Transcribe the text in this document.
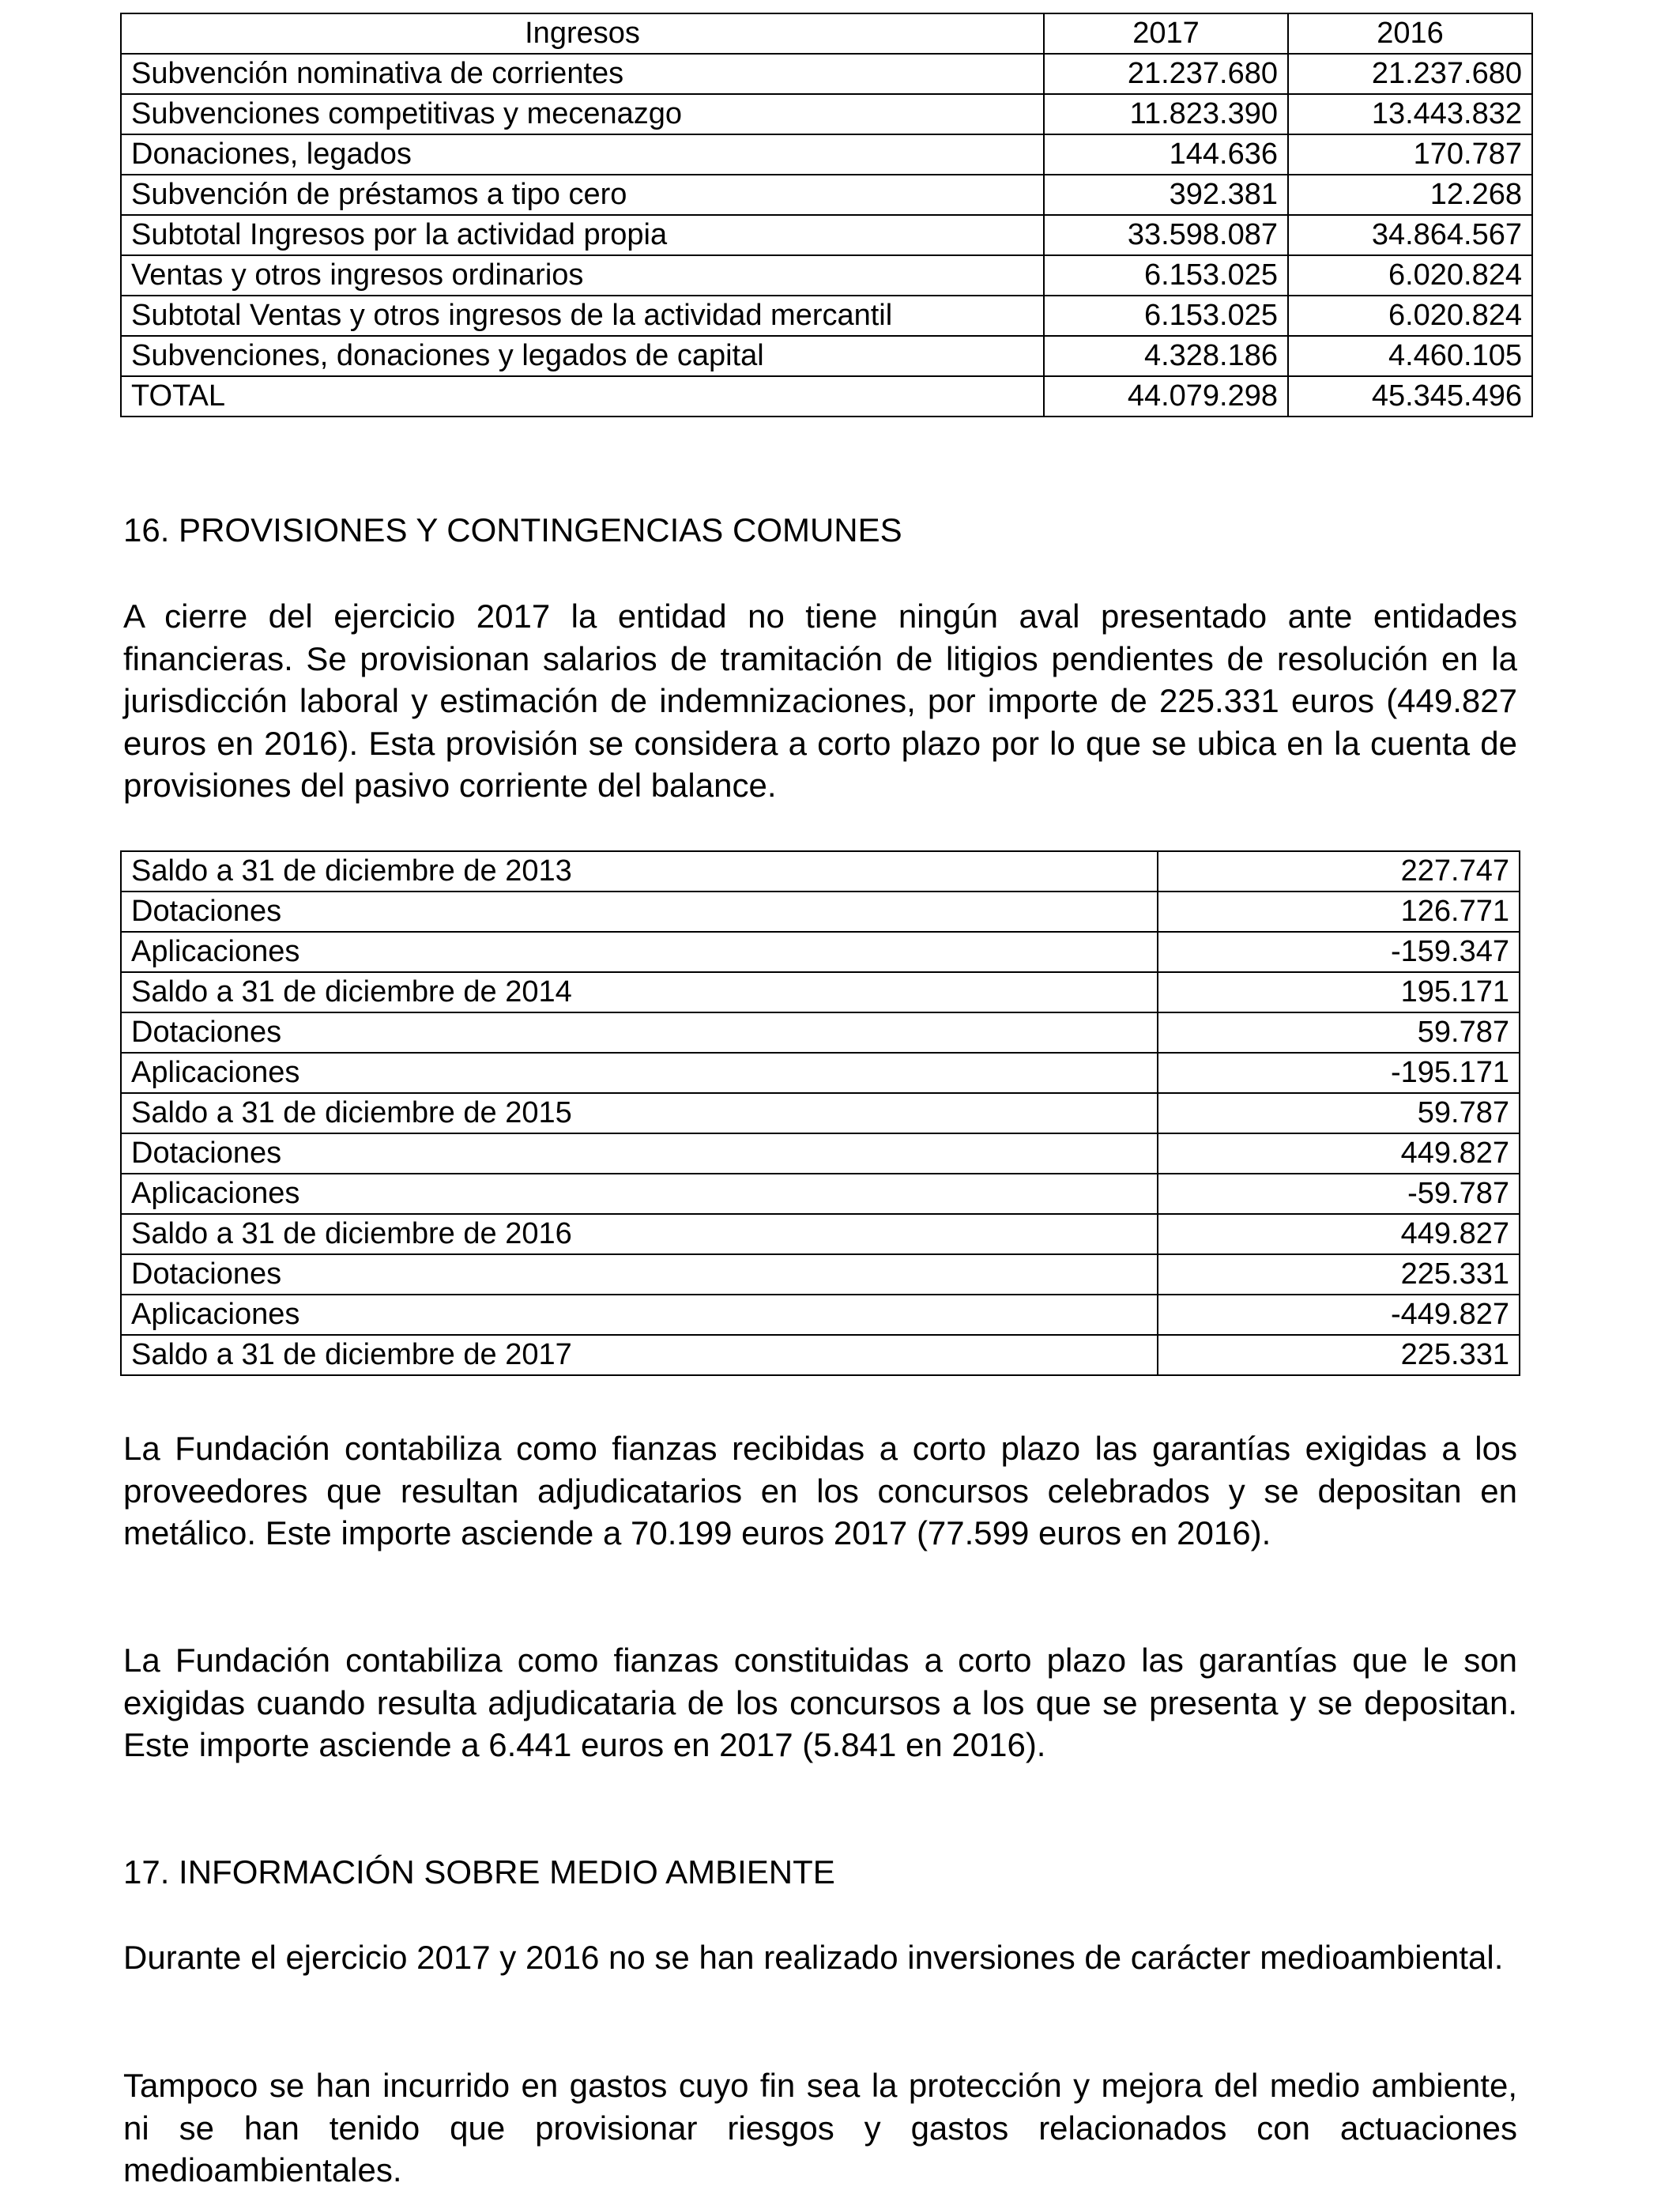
Ingresos	2017	2016
Subvención nominativa de corrientes	21.237.680	21.237.680
Subvenciones competitivas y mecenazgo	11.823.390	13.443.832
Donaciones, legados	144.636	170.787
Subvención de préstamos a tipo cero	392.381	12.268
Subtotal Ingresos por la actividad propia	33.598.087	34.864.567
Ventas y otros ingresos ordinarios	6.153.025	6.020.824
Subtotal Ventas y otros ingresos de la actividad mercantil	6.153.025	6.020.824
Subvenciones, donaciones y legados de capital	4.328.186	4.460.105
TOTAL	44.079.298	45.345.496
16. PROVISIONES Y CONTINGENCIAS COMUNES

A cierre del ejercicio 2017 la entidad no tiene ningún aval presentado ante entidades financieras. Se provisionan salarios de tramitación de litigios pendientes de resolución en la jurisdicción laboral y estimación de indemnizaciones, por importe de 225.331 euros (449.827 euros en 2016). Esta provisión se considera a corto plazo por lo que se ubica en la cuenta de provisiones del pasivo corriente del balance.

Saldo a 31 de diciembre de 2013	227.747
Dotaciones	126.771
Aplicaciones	-159.347
Saldo a 31 de diciembre de 2014	195.171
Dotaciones	59.787
Aplicaciones	-195.171
Saldo a 31 de diciembre de 2015	59.787
Dotaciones	449.827
Aplicaciones	-59.787
Saldo a 31 de diciembre de 2016	449.827
Dotaciones	225.331
Aplicaciones	-449.827
Saldo a 31 de diciembre de 2017	225.331

La Fundación contabiliza como fianzas recibidas a corto plazo las garantías exigidas a los proveedores que resultan adjudicatarios en los concursos celebrados y se depositan en metálico. Este importe asciende a 70.199 euros 2017 (77.599 euros en 2016).

La Fundación contabiliza como fianzas constituidas a corto plazo las garantías que le son exigidas cuando resulta adjudicataria de los concursos a los que se presenta y se depositan. Este importe asciende a 6.441 euros en 2017 (5.841 en 2016).

17. INFORMACIÓN SOBRE MEDIO AMBIENTE

Durante el ejercicio 2017 y 2016 no se han realizado inversiones de carácter medioambiental.

Tampoco se han incurrido en gastos cuyo fin sea la protección y mejora del medio ambiente, ni se han tenido que provisionar riesgos y gastos relacionados con actuaciones medioambientales.
